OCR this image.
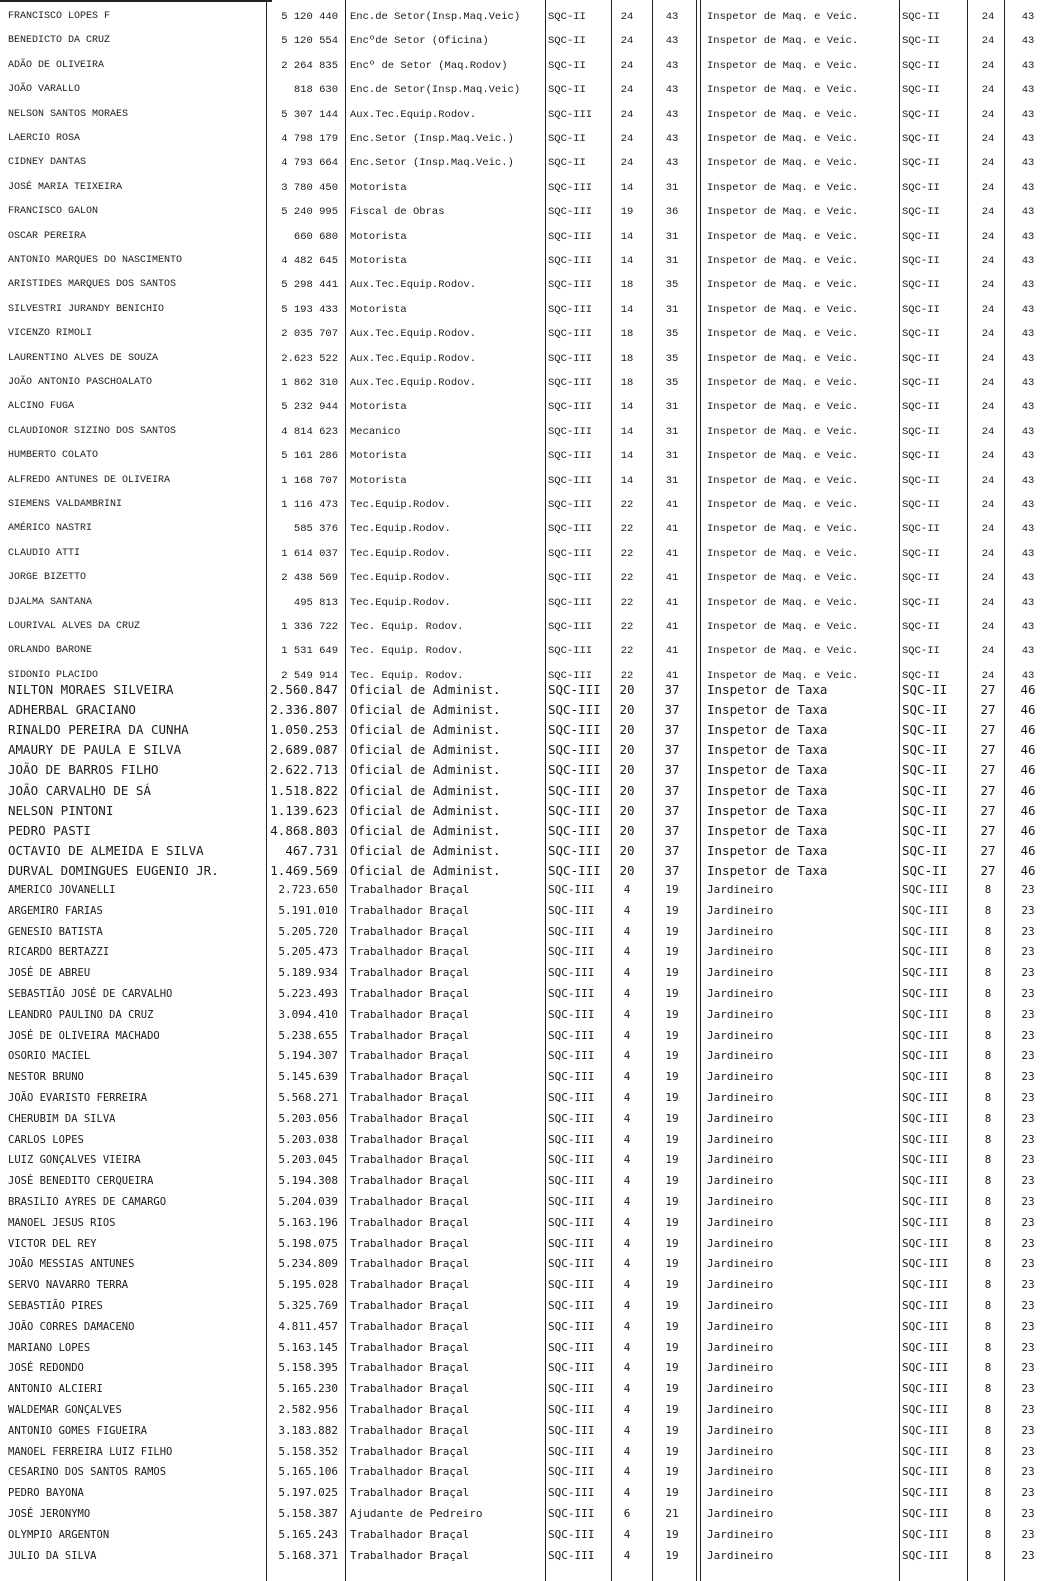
FRANCISCO LOPES F	5 120 440 Enc.de Setor(Insp.Maq.Veic)	SQC-II	24	43	Inspetor de Maq. e Veic.	SQC-II	24	43
BENEDICTO DA CRUZ	5 120 554 Encºde Setor (Oficina)	SQC-II	24	43	Inspetor de Maq. e Veic.	SQC-II	24	43
ADÃO DE OLIVEIRA	2 264 835 Encº de Setor (Maq.Rodov)	SQC-II	24	43	Inspetor de Maq. e Veic.	SQC-II	24	43
JOÃO VARALLO	818 630 Enc.de Setor(Insp.Maq.Veic)	SQC-II	24	43	Inspetor de Maq. e Veic.	SQC-II	24	43
NELSON SANTOS MORAES	5 307 144 Aux.Tec.Equip.Rodov.	SQC-III	24	43	Inspetor de Maq. e Veic.	SQC-II	24	43
LAERCIO ROSA	4 798 179 Enc.Setor (Insp.Maq.Veic.)	SQC-II	24	43	Inspetor de Maq. e Veic.	SQC-II	24	43
CIDNEY DANTAS	4 793 664 Enc.Setor (Insp.Maq.Veic.)	SQC-II	24	43	Inspetor de Maq. e Veic.	SQC-II	24	43
JOSÉ MARIA TEIXEIRA	3 780 450 Motorista	SQC-III	14	31	Inspetor de Maq. e Veic.	SQC-II	24	43
FRANCISCO GALON	5 240 995 Fiscal de Obras	SQC-III	19	36	Inspetor de Maq. e Veic.	SQC-II	24	43
OSCAR PEREIRA	660 680 Motorista	SQC-III	14	31	Inspetor de Maq. e Veic.	SQC-II	24	43
ANTONIO MARQUES DO NASCIMENTO	4 482 645 Motorista	SQC-III	14	31	Inspetor de Maq. e Veic.	SQC-II	24	43
ARISTIDES MARQUES DOS SANTOS	5 298 441 Aux.Tec.Equip.Rodov.	SQC-III	18	35	Inspetor de Maq. e Veic.	SQC-II	24	43
SILVESTRI JURANDY BENICHIO	5 193 433 Motorista	SQC-III	14	31	Inspetor de Maq. e Veic.	SQC-II	24	43
VICENZO RIMOLI	2 035 707 Aux.Tec.Equip.Rodov.	SQC-III	18	35	Inspetor de Maq. e Veic.	SQC-II	24	43
LAURENTINO ALVES DE SOUZA	2.623 522 Aux.Tec.Equip.Rodov.	SQC-III	18	35	Inspetor de Maq. e Veic.	SQC-II	24	43
JOÃO ANTONIO PASCHOALATO	1 862 310 Aux.Tec.Equip.Rodov.	SQC-III	18	35	Inspetor de Maq. e Veic.	SQC-II	24	43
ALCINO FUGA	5 232 944 Motorista	SQC-III	14	31	Inspetor de Maq. e Veic.	SQC-II	24	43
CLAUDIONOR SIZINO DOS SANTOS	4 814 623 Mecanico	SQC-III	14	31	Inspetor de Maq. e Veic.	SQC-II	24	43
HUMBERTO COLATO	5 161 286 Motorista	SQC-III	14	31	Inspetor de Maq. e Veic.	SQC-II	24	43
ALFREDO ANTUNES DE OLIVEIRA	1 168 707 Motorista	SQC-III	14	31	Inspetor de Maq. e Veic.	SQC-II	24	43
SIEMENS VALDAMBRINI	1 116 473 Tec.Equip.Rodov.	SQC-III	22	41	Inspetor de Maq. e Veic.	SQC-II	24	43
AMÉRICO NASTRI	585 376 Tec.Equip.Rodov.	SQC-III	22	41	Inspetor de Maq. e Veic.	SQC-II	24	43
CLAUDIO ATTI	1 614 037 Tec.Equip.Rodov.	SQC-III	22	41	Inspetor de Maq. e Veic.	SQC-II	24	43
JORGE BIZETTO	2 438 569 Tec.Equip.Rodov.	SQC-III	22	41	Inspetor de Maq. e Veic.	SQC-II	24	43
DJALMA SANTANA	495 813 Tec.Equip.Rodov.	SQC-III	22	41	Inspetor de Maq. e Veic.	SQC-II	24	43
LOURIVAL ALVES DA CRUZ	1 336 722 Tec. Equip. Rodov.	SQC-III	22	41	Inspetor de Maq. e Veic.	SQC-II	24	43
ORLANDO BARONE	1 531 649 Tec. Equip. Rodov.	SQC-III	22	41	Inspetor de Maq. e Veic.	SQC-II	24	43
SIDONIO PLACIDO	2 549 914 Tec. Equip. Rodov.	SQC-III	22	41	Inspetor de Maq. e Veic.	SQC-II	24	43
NILTON MORAES SILVEIRA	2.560.847 Oficial de Administ.	SQC-III	20	37	Inspetor de Taxa	SQC-II	27	46
ADHERBAL GRACIANO	2.336.807 Oficial de Administ.	SQC-III	20	37	Inspetor de Taxa	SQC-II	27	46
RINALDO PEREIRA DA CUNHA	1.050.253 Oficial de Administ.	SQC-III	20	37	Inspetor de Taxa	SQC-II	27	46
AMAURY DE PAULA E SILVA	2.689.087 Oficial de Administ.	SQC-III	20	37	Inspetor de Taxa	SQC-II	27	46
JOÃO DE BARROS FILHO	2.622.713 Oficial de Administ.	SQC-III	20	37	Inspetor de Taxa	SQC-II	27	46
JOÃO CARVALHO DE SÁ	1.518.822 Oficial de Administ.	SQC-III	20	37	Inspetor de Taxa	SQC-II	27	46
NELSON PINTONI	1.139.623 Oficial de Administ.	SQC-III	20	37	Inspetor de Taxa	SQC-II	27	46
PEDRO PASTI	4.868.803 Oficial de Administ.	SQC-III	20	37	Inspetor de Taxa	SQC-II	27	46
OCTAVIO DE ALMEIDA E SILVA	467.731 Oficial de Administ.	SQC-III	20	37	Inspetor de Taxa	SQC-II	27	46
DURVAL DOMINGUES EUGENIO JR.	1.469.569 Oficial de Administ.	SQC-III	20	37	Inspetor de Taxa	SQC-II	27	46
AMERICO JOVANELLI	2.723.650 Trabalhador Braçal	SQC-III	4	19	Jardineiro	SQC-III	8	23
ARGEMIRO FARIAS	5.191.010 Trabalhador Braçal	SQC-III	4	19	Jardineiro	SQC-III	8	23
GENESIO BATISTA	5.205.720 Trabalhador Braçal	SQC-III	4	19	Jardineiro	SQC-III	8	23
RICARDO BERTAZZI	5.205.473 Trabalhador Braçal	SQC-III	4	19	Jardineiro	SQC-III	8	23
JOSÉ DE ABREU	5.189.934 Trabalhador Braçal	SQC-III	4	19	Jardineiro	SQC-III	8	23
SEBASTIÃO JOSÉ DE CARVALHO	5.223.493 Trabalhador Braçal	SQC-III	4	19	Jardineiro	SQC-III	8	23
LEANDRO PAULINO DA CRUZ	3.094.410 Trabalhador Braçal	SQC-III	4	19	Jardineiro	SQC-III	8	23
JOSÉ DE OLIVEIRA MACHADO	5.238.655 Trabalhador Braçal	SQC-III	4	19	Jardineiro	SQC-III	8	23
OSORIO MACIEL	5.194.307 Trabalhador Braçal	SQC-III	4	19	Jardineiro	SQC-III	8	23
NESTOR BRUNO	5.145.639 Trabalhador Braçal	SQC-III	4	19	Jardineiro	SQC-III	8	23
JOÃO EVARISTO FERREIRA	5.568.271 Trabalhador Braçal	SQC-III	4	19	Jardineiro	SQC-III	8	23
CHERUBIM DA SILVA	5.203.056 Trabalhador Braçal	SQC-III	4	19	Jardineiro	SQC-III	8	23
CARLOS LOPES	5.203.038 Trabalhador Braçal	SQC-III	4	19	Jardineiro	SQC-III	8	23
LUIZ GONÇALVES VIEIRA	5.203.045 Trabalhador Braçal	SQC-III	4	19	Jardineiro	SQC-III	8	23
JOSÉ BENEDITO CERQUEIRA	5.194.308 Trabalhador Braçal	SQC-III	4	19	Jardineiro	SQC-III	8	23
BRASILIO AYRES DE CAMARGO	5.204.039 Trabalhador Braçal	SQC-III	4	19	Jardineiro	SQC-III	8	23
MANOEL JESUS RIOS	5.163.196 Trabalhador Braçal	SQC-III	4	19	Jardineiro	SQC-III	8	23
VICTOR DEL REY	5.198.075 Trabalhador Braçal	SQC-III	4	19	Jardineiro	SQC-III	8	23
JOÃO MESSIAS ANTUNES	5.234.809 Trabalhador Braçal	SQC-III	4	19	Jardineiro	SQC-III	8	23
SERVO NAVARRO TERRA	5.195.028 Trabalhador Braçal	SQC-III	4	19	Jardineiro	SQC-III	8	23
SEBASTIÃO PIRES	5.325.769 Trabalhador Braçal	SQC-III	4	19	Jardineiro	SQC-III	8	23
JOÃO CORRES DAMACENO	4.811.457 Trabalhador Braçal	SQC-III	4	19	Jardineiro	SQC-III	8	23
MARIANO LOPES	5.163.145 Trabalhador Braçal	SQC-III	4	19	Jardineiro	SQC-III	8	23
JOSÉ REDONDO	5.158.395 Trabalhador Braçal	SQC-III	4	19	Jardineiro	SQC-III	8	23
ANTONIO ALCIERI	5.165.230 Trabalhador Braçal	SQC-III	4	19	Jardineiro	SQC-III	8	23
WALDEMAR GONÇALVES	2.582.956 Trabalhador Braçal	SQC-III	4	19	Jardineiro	SQC-III	8	23
ANTONIO GOMES FIGUEIRA	3.183.882 Trabalhador Braçal	SQC-III	4	19	Jardineiro	SQC-III	8	23
MANOEL FERREIRA LUIZ FILHO	5.158.352 Trabalhador Braçal	SQC-III	4	19	Jardineiro	SQC-III	8	23
CESARINO DOS SANTOS RAMOS	5.165.106 Trabalhador Braçal	SQC-III	4	19	Jardineiro	SQC-III	8	23
PEDRO BAYONA	5.197.025 Trabalhador Braçal	SQC-III	4	19	Jardineiro	SQC-III	8	23
JOSÉ JERONYMO	5.158.387 Ajudante de Pedreiro	SQC-III	6	21	Jardineiro	SQC-III	8	23
OLYMPIO ARGENTON	5.165.243 Trabalhador Braçal	SQC-III	4	19	Jardineiro	SQC-III	8	23
JULIO DA SILVA	5.168.371 Trabalhador Braçal	SQC-III	4	19	Jardineiro	SQC-III	8	23
